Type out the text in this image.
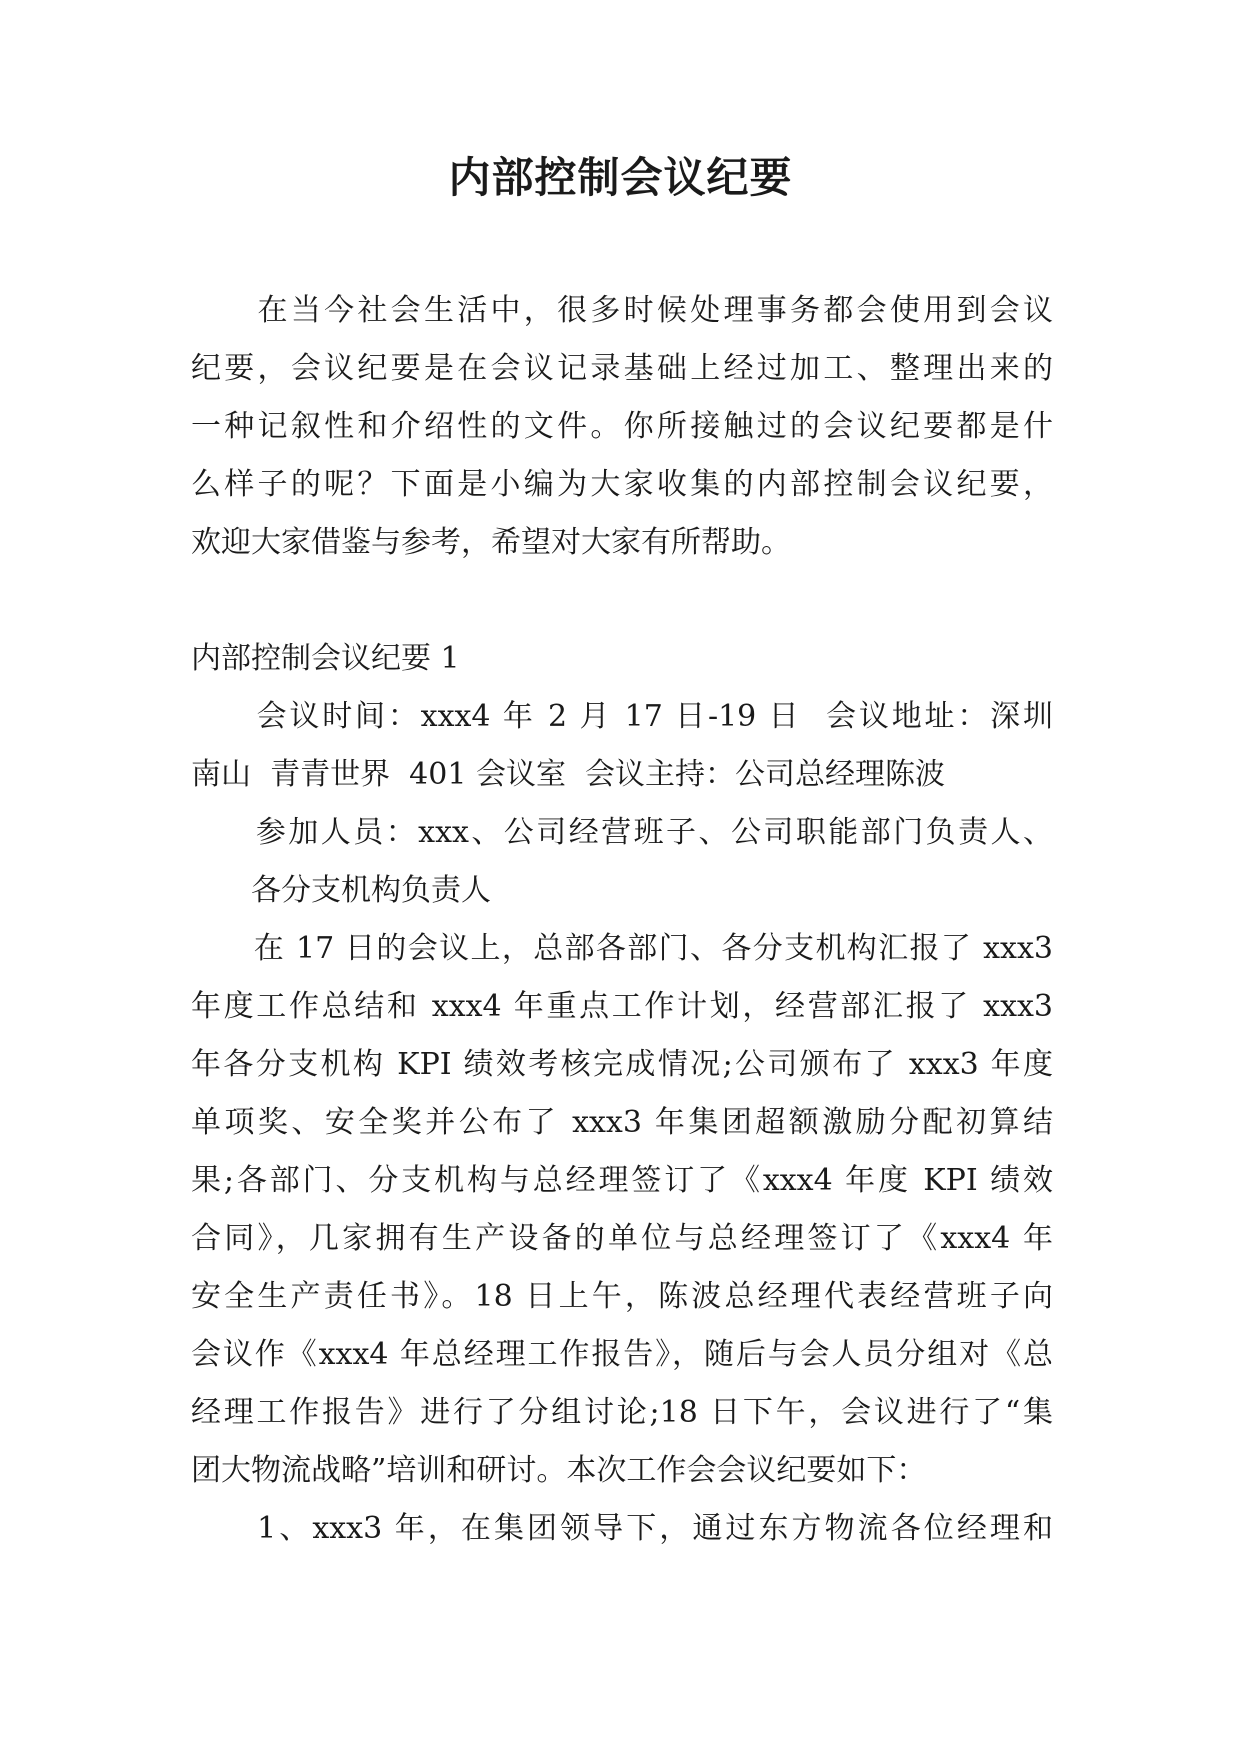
内部控制会议纪要
　　在当今社会生活中，很多时候处理事务都会使用到会议
纪要，会议纪要是在会议记录基础上经过加工、整理出来的
一种记叙性和介绍性的文件。你所接触过的会议纪要都是什
么样子的呢？下面是小编为大家收集的内部控制会议纪要，
欢迎大家借鉴与参考，希望对大家有所帮助。
内部控制会议纪要 1
　　会议时间：xxx4 年 2 月 17 日-19 日  会议地址：深圳
南山  青青世界  401 会议室  会议主持：公司总经理陈波
　　参加人员：xxx、公司经营班子、公司职能部门负责人、
　　各分支机构负责人
　　在 17 日的会议上，总部各部门、各分支机构汇报了 xxx3
年度工作总结和 xxx4 年重点工作计划，经营部汇报了 xxx3
年各分支机构 KPI 绩效考核完成情况;公司颁布了 xxx3 年度
单项奖、安全奖并公布了 xxx3 年集团超额激励分配初算结
果;各部门、分支机构与总经理签订了《xxx4 年度 KPI 绩效
合同》，几家拥有生产设备的单位与总经理签订了《xxx4 年
安全生产责任书》。18 日上午，陈波总经理代表经营班子向
会议作《xxx4 年总经理工作报告》，随后与会人员分组对《总
经理工作报告》进行了分组讨论;18 日下午，会议进行了“集
团大物流战略”培训和研讨。本次工作会会议纪要如下：
　　1、xxx3 年，在集团领导下，通过东方物流各位经理和
